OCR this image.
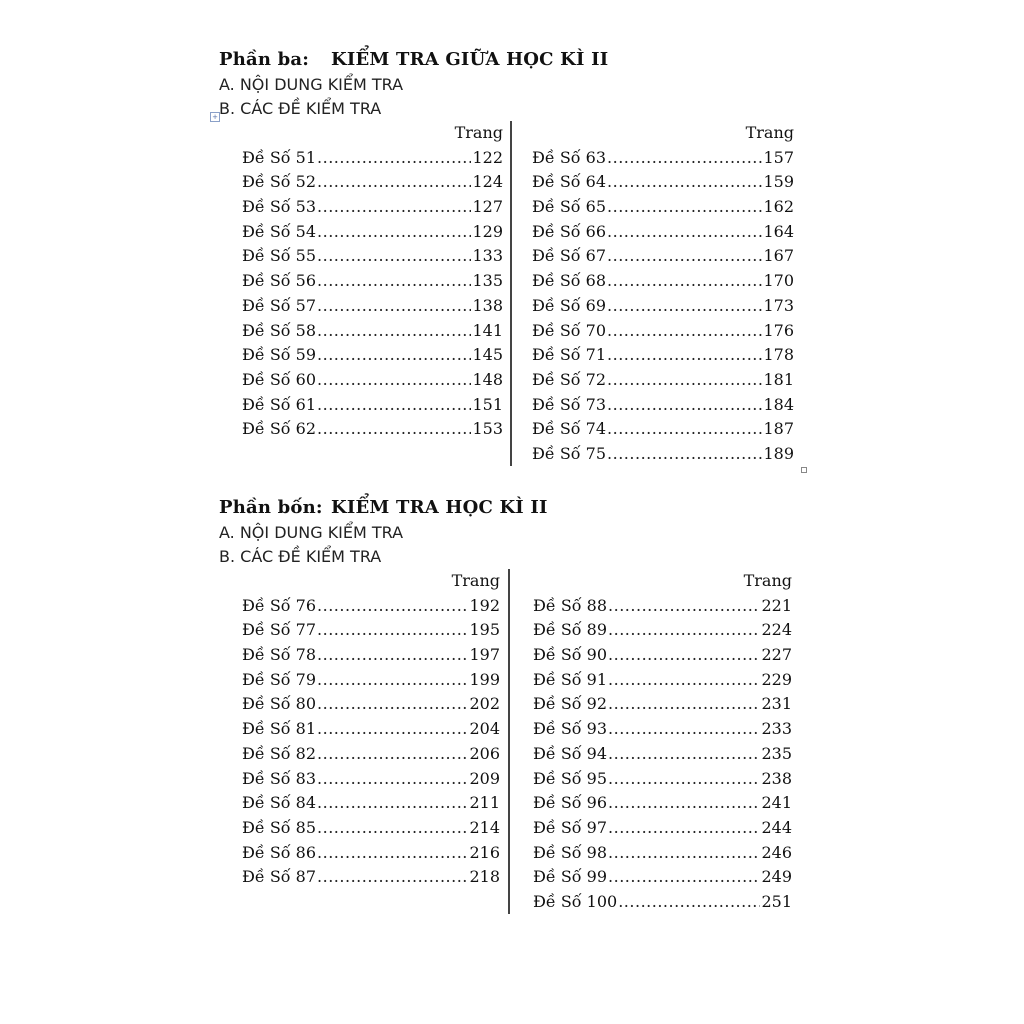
+
Phần ba: KIỂM TRA GIỮA HỌC KÌ II
A. NỘI DUNG KIỂM TRA
B. CÁC ĐỀ KIỂM TRA
Trang
Đề Số 51 .....	122
Đề Số 52 .....	124
Đề Số 53 .....	127
Đề Số 54 .....	129
Đề Số 55 .....	133
Đề Số 56 .....	135
Đề Số 57 .....	138
Đề Số 58 .....	141
Đề Số 59 .....	145
Đề Số 60 .....	148
Đề Số 61 .....	151
Đề Số 62 .....	153
Trang
Đề Số 63 .....	157
Đề Số 64 .....	159
Đề Số 65 .....	162
Đề Số 66 .....	164
Đề Số 67 .....	167
Đề Số 68 .....	170
Đề Số 69 .....	173
Đề Số 70 .....	176
Đề Số 71 .....	178
Đề Số 72 .....	181
Đề Số 73 .....	184
Đề Số 74 .....	187
Đề Số 75 .....	189
Phần bốn: KIỂM TRA HỌC KÌ II
A. NỘI DUNG KIỂM TRA
B. CÁC ĐỀ KIỂM TRA
Trang
Đề Số 76 .....	192
Đề Số 77 .....	195
Đề Số 78 .....	197
Đề Số 79 .....	199
Đề Số 80 .....	202
Đề Số 81 .....	204
Đề Số 82 .....	206
Đề Số 83 .....	209
Đề Số 84 .....	211
Đề Số 85 .....	214
Đề Số 86 .....	216
Đề Số 87 .....	218
Trang
Đề Số 88 .....	221
Đề Số 89 .....	224
Đề Số 90 .....	227
Đề Số 91 .....	229
Đề Số 92 .....	231
Đề Số 93 .....	233
Đề Số 94 .....	235
Đề Số 95 .....	238
Đề Số 96 .....	241
Đề Số 97 .....	244
Đề Số 98 .....	246
Đề Số 99 .....	249
Đề Số 100 .....	251
